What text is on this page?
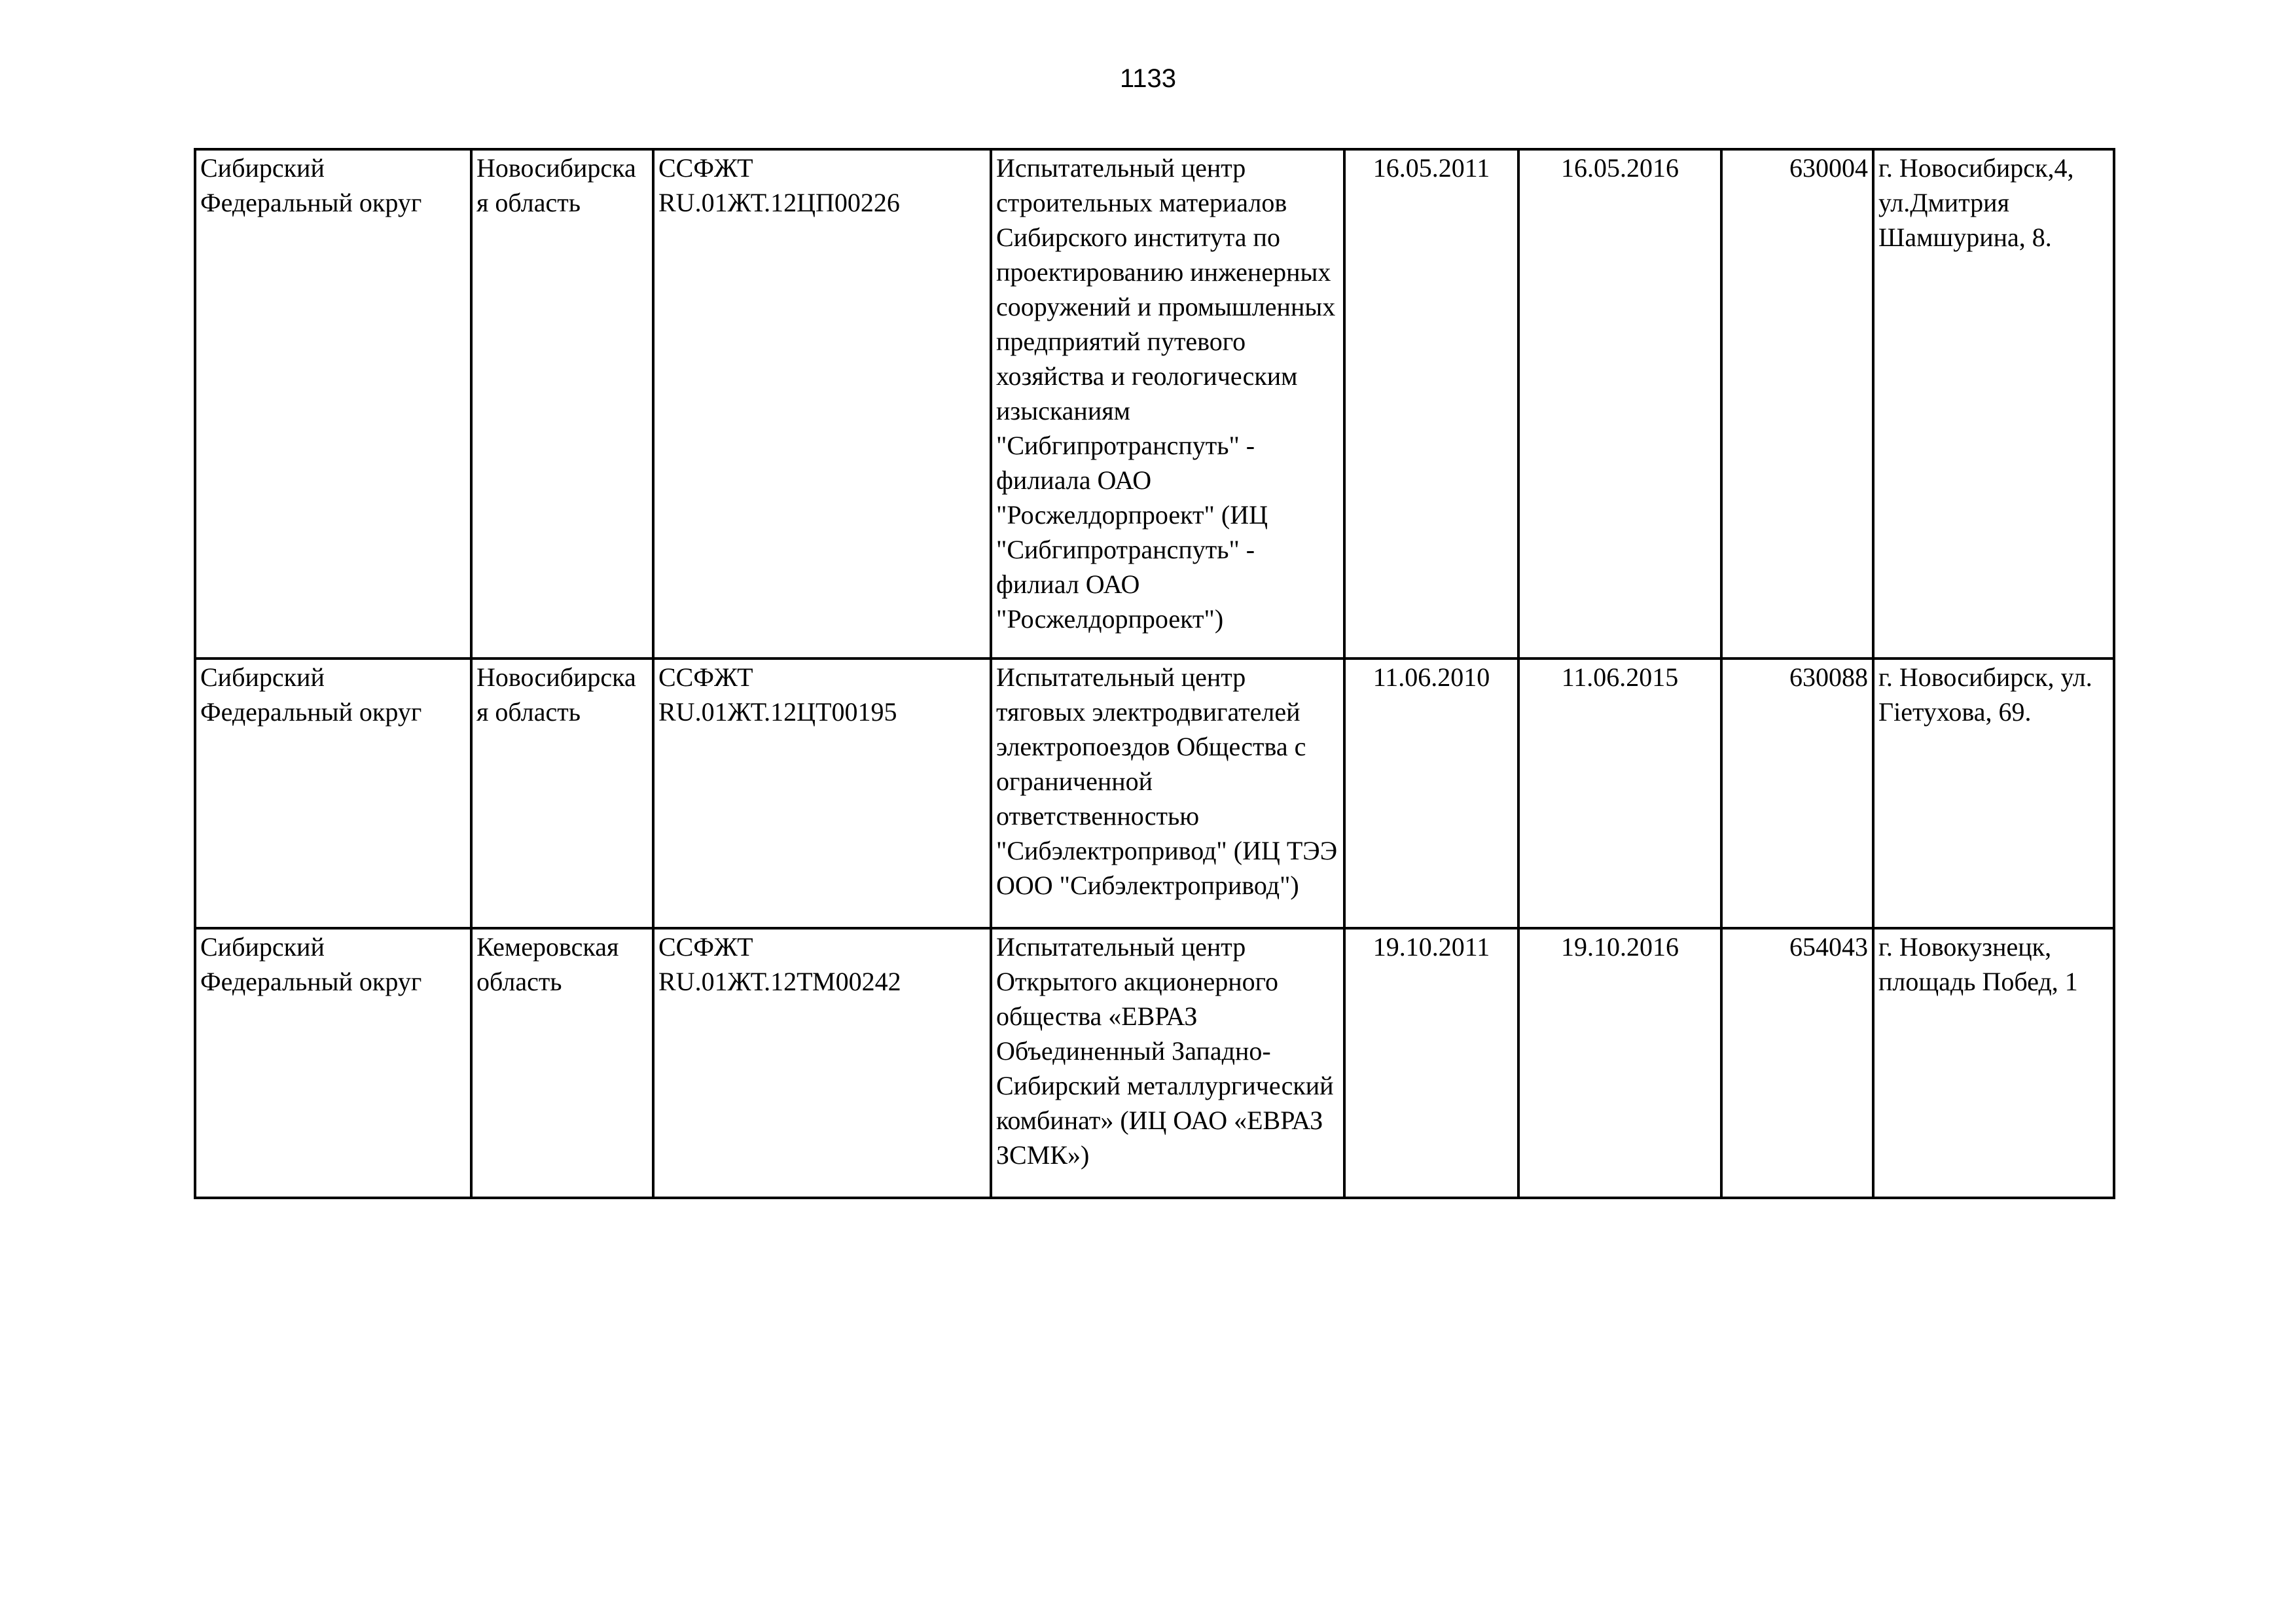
1133
Сибирский Федеральный округ	Новосибирская область	ССФЖТ RU.01ЖТ.12ЦП00226	Испытательный центр строительных материалов Сибирского института по проектированию инженерных сооружений и промышленных предприятий путевого хозяйства и геологическим изысканиям "Сибгипротранспуть" - филиала ОАО "Росжелдорпроект" (ИЦ "Сибгипротранспуть" - филиал ОАО "Росжелдорпроект")	16.05.2011	16.05.2016	630004	г. Новосибирск,4, ул.Дмитрия Шамшурина, 8.

Сибирский Федеральный округ	Новосибирская область	ССФЖТ RU.01ЖТ.12ЦТ00195	Испытательный центр тяговых электродвигателей электропоездов Общества с ограниченной ответственностью "Сибэлектропривод" (ИЦ ТЭЭ ООО "Сибэлектропривод")	11.06.2010	11.06.2015	630088	г. Новосибирск, ул. Гіетухова, 69.

Сибирский Федеральный округ	Кемеровская область	ССФЖТ RU.01ЖТ.12ТМ00242	Испытательный центр Открытого акционерного общества «ЕВРАЗ Объединенный Западно-Сибирский металлургический комбинат» (ИЦ ОАО «ЕВРАЗ ЗСМК»)	19.10.2011	19.10.2016	654043	г. Новокузнецк, площадь Побед, 1
